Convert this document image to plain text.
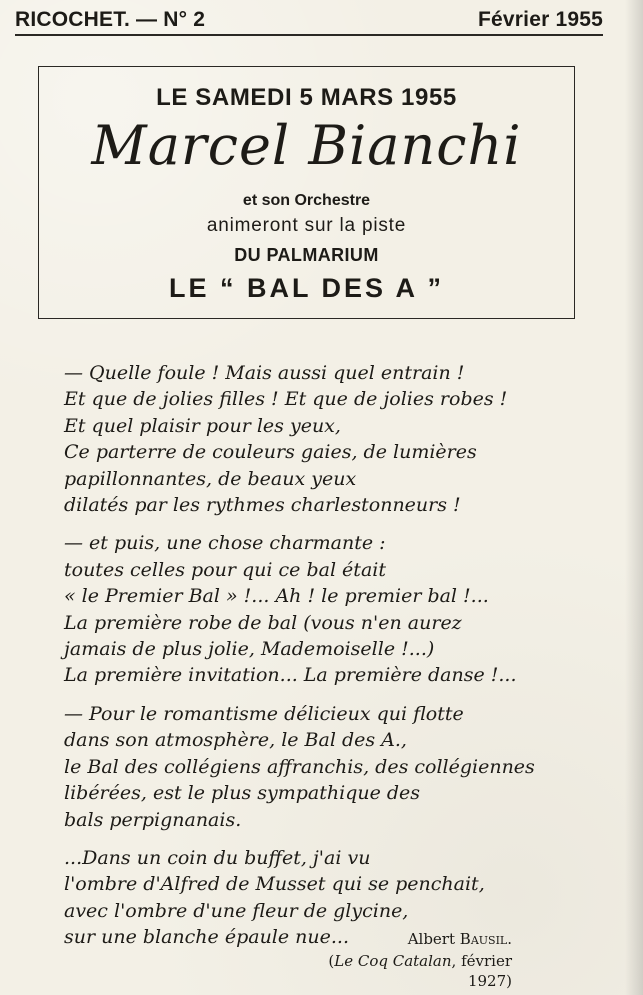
RICOCHET. — N° 2	Février 1955
LE SAMEDI 5 MARS 1955
Marcel Bianchi
et son Orchestre
animeront sur la piste
DU PALMARIUM
LE “ BAL DES A ”
— Quelle foule ! Mais aussi quel entrain !
Et que de jolies filles ! Et que de jolies robes !
Et quel plaisir pour les yeux,
Ce parterre de couleurs gaies, de lumières
papillonnantes, de beaux yeux
dilatés par les rythmes charlestonneurs !
— et puis, une chose charmante :
toutes celles pour qui ce bal était
« le Premier Bal » !... Ah ! le premier bal !...
La première robe de bal (vous n'en aurez
jamais de plus jolie, Mademoiselle !...)
La première invitation... La première danse !...
— Pour le romantisme délicieux qui flotte
dans son atmosphère, le Bal des A.,
le Bal des collégiens affranchis, des collégiennes
libérées, est le plus sympathique des
bals perpignanais.
...Dans un coin du buffet, j'ai vu
l'ombre d'Alfred de Musset qui se penchait,
avec l'ombre d'une fleur de glycine,
sur une blanche épaule nue...	Albert Bausil.
(Le Coq Catalan, février 1927)
